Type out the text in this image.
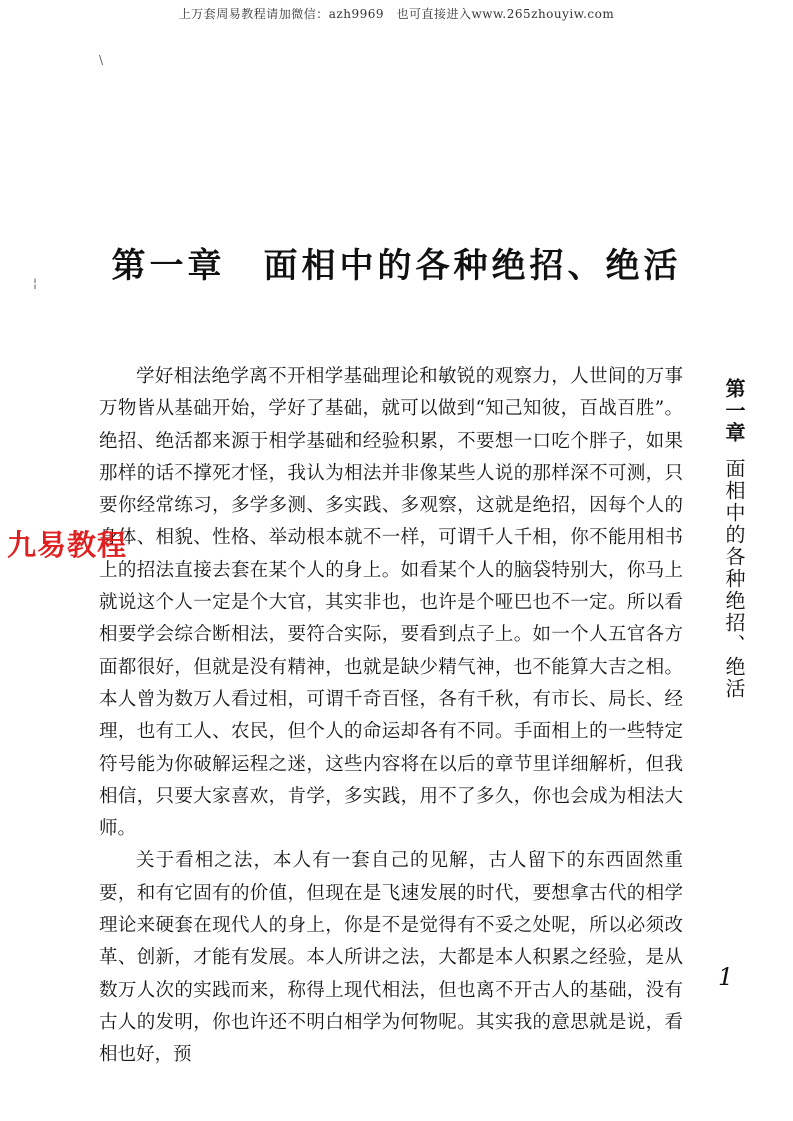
上万套周易教程请加微信：azh9969　也可直接进入www.265zhouyiw.com
\
¦	第一章 面相中的各种绝招、绝活

学好相法绝学离不开相学基础理论和敏锐的观察力，人世间的万事万物皆从基础开始，学好了基础，就可以做到“知己知彼，百战百胜”。绝招、绝活都来源于相学基础和经验积累，不要想一口吃个胖子，如果那样的话不撑死才怪，我认为相法并非像某些人说的那样深不可测，只要你经常练习，多学多测、多实践、多观察，这就是绝招，因每个人的身体、相貌、性格、举动根本就不一样，可谓千人千相，你不能用相书上的招法直接去套在某个人的身上。如看某个人的脑袋特别大，你马上就说这个人一定是个大官，其实非也，也许是个哑巴也不一定。所以看相要学会综合断相法，要符合实际，要看到点子上。如一个人五官各方面都很好，但就是没有精神，也就是缺少精气神，也不能算大吉之相。本人曾为数万人看过相，可谓千奇百怪，各有千秋，有市长、局长、经理，也有工人、农民，但个人的命运却各有不同。手面相上的一些特定符号能为你破解运程之迷，这些内容将在以后的章节里详细解析，但我相信，只要大家喜欢，肯学，多实践，用不了多久，你也会成为相法大师。

关于看相之法，本人有一套自己的见解，古人留下的东西固然重要，和有它固有的价值，但现在是飞速发展的时代，要想拿古代的相学理论来硬套在现代人的身上，你是不是觉得有不妥之处呢，所以必须改革、创新，才能有发展。本人所讲之法，大都是本人积累之经验，是从数万人次的实践而来，称得上现代相法，但也离不开古人的基础，没有古人的发明，你也许还不明白相学为何物呢。其实我的意思就是说，看相也好，预

第一章面相中的各种绝招、绝活
1
九易教程
